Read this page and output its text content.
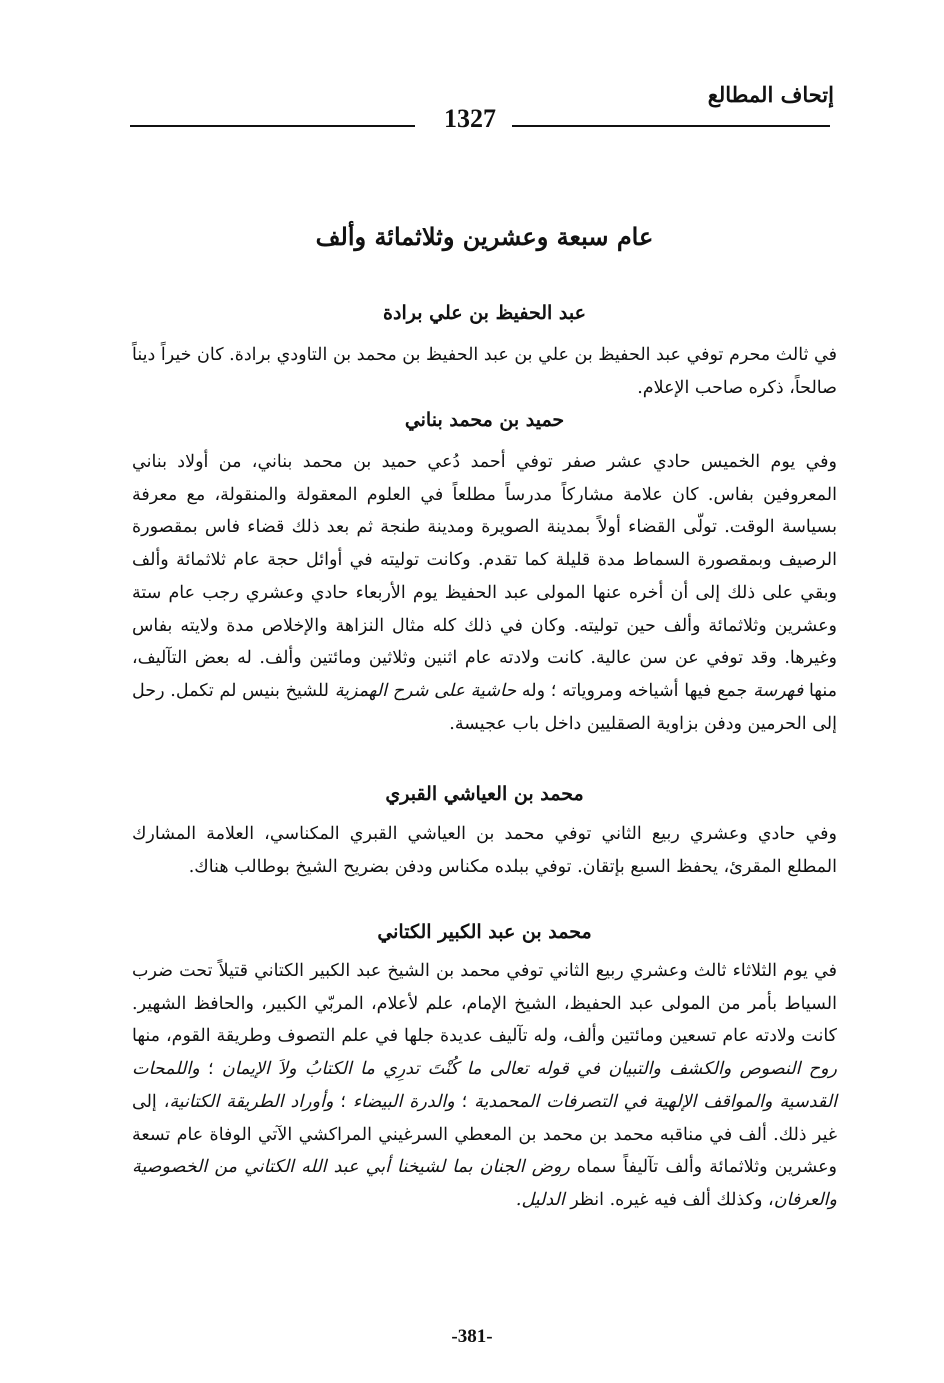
إتحاف المطالع
1327
عام سبعة وعشرين وثلاثمائة وألف
عبد الحفيظ بن علي برادة
في ثالث محرم توفي عبد الحفيظ بن علي بن عبد الحفيظ بن محمد بن التاودي برادة. كان خيراً ديناً صالحاً، ذكره صاحب الإعلام.
حميد بن محمد بناني
وفي يوم الخميس حادي عشر صفر توفي أحمد دُعي حميد بن محمد بناني، من أولاد بناني المعروفين بفاس. كان علامة مشاركاً مدرساً مطلعاً في العلوم المعقولة والمنقولة، مع معرفة بسياسة الوقت. تولّى القضاء أولاً بمدينة الصويرة ومدينة طنجة ثم بعد ذلك قضاء فاس بمقصورة الرصيف وبمقصورة السماط مدة قليلة كما تقدم. وكانت توليته في أوائل حجة عام ثلاثمائة وألف وبقي على ذلك إلى أن أخره عنها المولى عبد الحفيظ يوم الأربعاء حادي وعشري رجب عام ستة وعشرين وثلاثمائة وألف حين توليته. وكان في ذلك كله مثال النزاهة والإخلاص مدة ولايته بفاس وغيرها. وقد توفي عن سن عالية. كانت ولادته عام اثنين وثلاثين ومائتين وألف. له بعض التآليف، منها فهرسة جمع فيها أشياخه ومروياته ؛ وله حاشية على شرح الهمزية للشيخ بنيس لم تكمل. رحل إلى الحرمين ودفن بزاوية الصقليين داخل باب عجيسة.
محمد بن العياشي القبري
وفي حادي وعشري ربيع الثاني توفي محمد بن العياشي القبري المكناسي، العلامة المشارك المطلع المقرئ، يحفظ السبع بإتقان. توفي ببلده مكناس ودفن بضريح الشيخ بوطالب هناك.
محمد بن عبد الكبير الكتاني
في يوم الثلاثاء ثالث وعشري ربيع الثاني توفي محمد بن الشيخ عبد الكبير الكتاني قتيلاً تحت ضرب السياط بأمر من المولى عبد الحفيظ، الشيخ الإمام، علم لأعلام، المربّي الكبير، والحافظ الشهير. كانت ولادته عام تسعين ومائتين وألف، وله تآليف عديدة جلها في علم التصوف وطريقة القوم، منها روح النصوص والكشف والتبيان في قوله تعالى ما كُنْتَ تدرِي ما الكتابُ ولاَ الإيمان ؛ واللمحات القدسية والمواقف الإلهية في التصرفات المحمدية ؛ والدرة البيضاء ؛ وأوراد الطريقة الكتانية، إلى غير ذلك. ألف في مناقبه محمد بن محمد بن المعطي السرغيني المراكشي الآتي الوفاة عام تسعة وعشرين وثلاثمائة وألف تآليفاً سماه روض الجنان بما لشيخنا أبي عبد الله الكتاني من الخصوصية والعرفان، وكذلك ألف فيه غيره. انظر الدليل.
-381-
